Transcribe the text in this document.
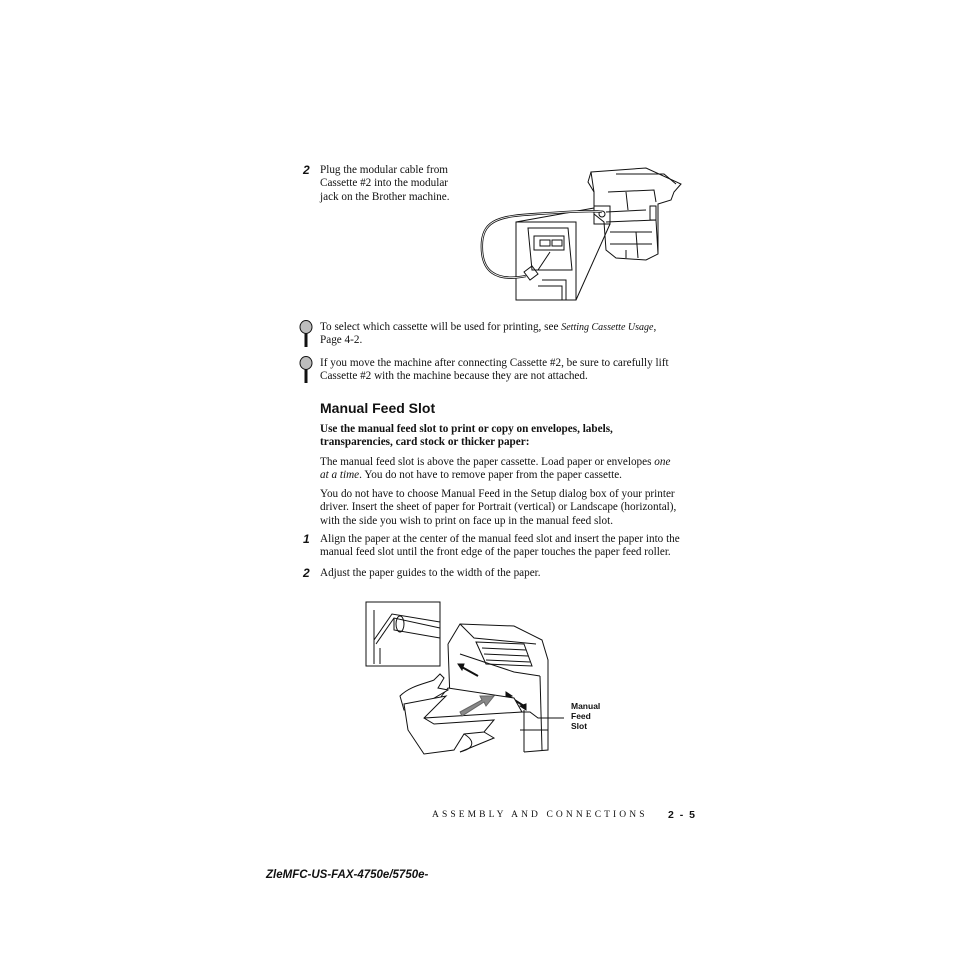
2 Plug the modular cable from
Cassette #2 into the modular
jack on the Brother machine.
To select which cassette will be used for printing, see Setting Cassette Usage,
Page 4-2.
If you move the machine after connecting Cassette #2, be sure to carefully lift
Cassette #2 with the machine because they are not attached.
Manual Feed Slot
Use the manual feed slot to print or copy on envelopes, labels,
transparencies, card stock or thicker paper:
The manual feed slot is above the paper cassette. Load paper or envelopes one
at a time. You do not have to remove paper from the paper cassette.
You do not have to choose Manual Feed in the Setup dialog box of your printer
driver. Insert the sheet of paper for Portrait (vertical) or Landscape (horizontal),
with the side you wish to print on face up in the manual feed slot.
1 Align the paper at the center of the manual feed slot and insert the paper into the
manual feed slot until the front edge of the paper touches the paper feed roller.
2 Adjust the paper guides to the width of the paper.
Manual
Feed
Slot
ASSEMBLY AND CONNECTIONS 2 - 5
ZleMFC-US-FAX-4750e/5750e-
